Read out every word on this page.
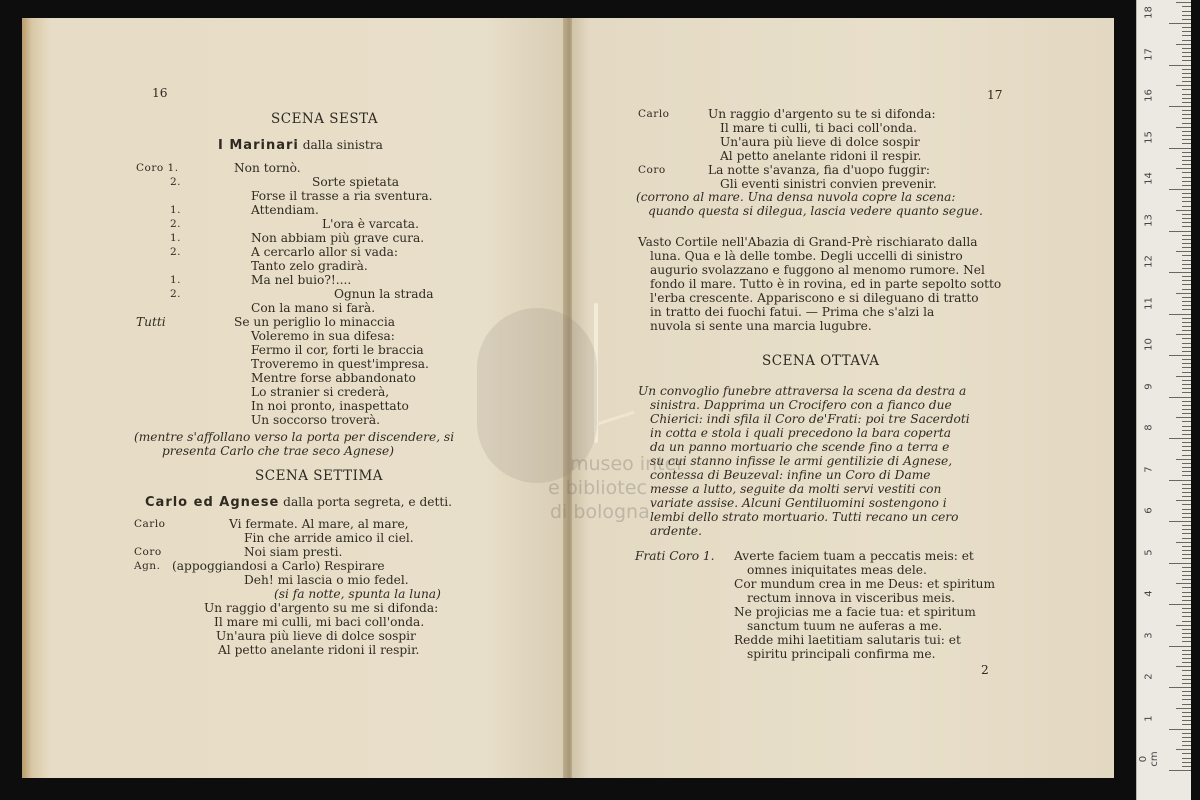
16
SCENA SESTA
I Marinari dalla sinistra
Coro 1.	Non tornò.
2.	Sorte spietata
Forse il trasse a ria sventura.
1.	Attendiam.
2.	L'ora è varcata.
1.	Non abbiam più grave cura.
2.	A cercarlo allor si vada:
Tanto zelo gradirà.
1.	Ma nel buio?!....
2.	Ognun la strada
Con la mano si farà.
Tutti	Se un periglio lo minaccia
Voleremo in sua difesa:
Fermo il cor, forti le braccia
Troveremo in quest'impresa.
Mentre forse abbandonato
Lo stranier si crederà,
In noi pronto, inaspettato
Un soccorso troverà.
(mentre s'affollano verso la porta per discendere, si
presenta Carlo che trae seco Agnese)
SCENA SETTIMA
Carlo ed Agnese dalla porta segreta, e detti.
Carlo	Vi fermate. Al mare, al mare,
Fin che arride amico il ciel.
Coro	Noi siam presti.
Agn. (appoggiandosi a Carlo) Respirare
Deh! mi lascia o mio fedel.
(si fa notte, spunta la luna)
Un raggio d'argento su me si difonda:
Il mare mi culli, mi baci coll'onda.
Un'aura più lieve di dolce sospir
Al petto anelante ridoni il respir.
17
Carlo	Un raggio d'argento su te si difonda:
Il mare ti culli, ti baci coll'onda.
Un'aura più lieve di dolce sospir
Al petto anelante ridoni il respir.
Coro	La notte s'avanza, fia d'uopo fuggir:
Gli eventi sinistri convien prevenir.
(corrono al mare. Una densa nuvola copre la scena:
quando questa si dilegua, lascia vedere quanto segue.
Vasto Cortile nell'Abazia di Grand-Prè rischiarato dalla
luna. Qua e là delle tombe. Degli uccelli di sinistro
augurio svolazzano e fuggono al menomo rumore. Nel
fondo il mare. Tutto è in rovina, ed in parte sepolto sotto
l'erba crescente. Appariscono e si dileguano di tratto
in tratto dei fuochi fatui. — Prima che s'alzi la
nuvola si sente una marcia lugubre.
SCENA OTTAVA
Un convoglio funebre attraversa la scena da destra a
sinistra. Dapprima un Crocifero con a fianco due
Chierici: indi sfila il Coro de'Frati: poi tre Sacerdoti
in cotta e stola i quali precedono la bara coperta
da un panno mortuario che scende fino a terra e
su cui stanno infisse le armi gentilizie di Agnese,
contessa di Beuzeval: infine un Coro di Dame
messe a lutto, seguite da molti servi vestiti con
variate assise. Alcuni Gentiluomini sostengono i
lembi dello strato mortuario. Tutti recano un cero
ardente.
Frati Coro 1. Averte faciem tuam a peccatis meis: et
omnes iniquitates meas dele.
Cor mundum crea in me Deus: et spiritum
rectum innova in visceribus meis.
Ne projicias me a facie tua: et spiritum
sanctum tuum ne auferas a me.
Redde mihi laetitiam salutaris tui: et
spiritu principali confirma me.
2
museo inter
e bibliotec
di bologna
0 cm
1
2
3
4
5
6
7
8
9
10
11
12
13
14
15
16
17
18
